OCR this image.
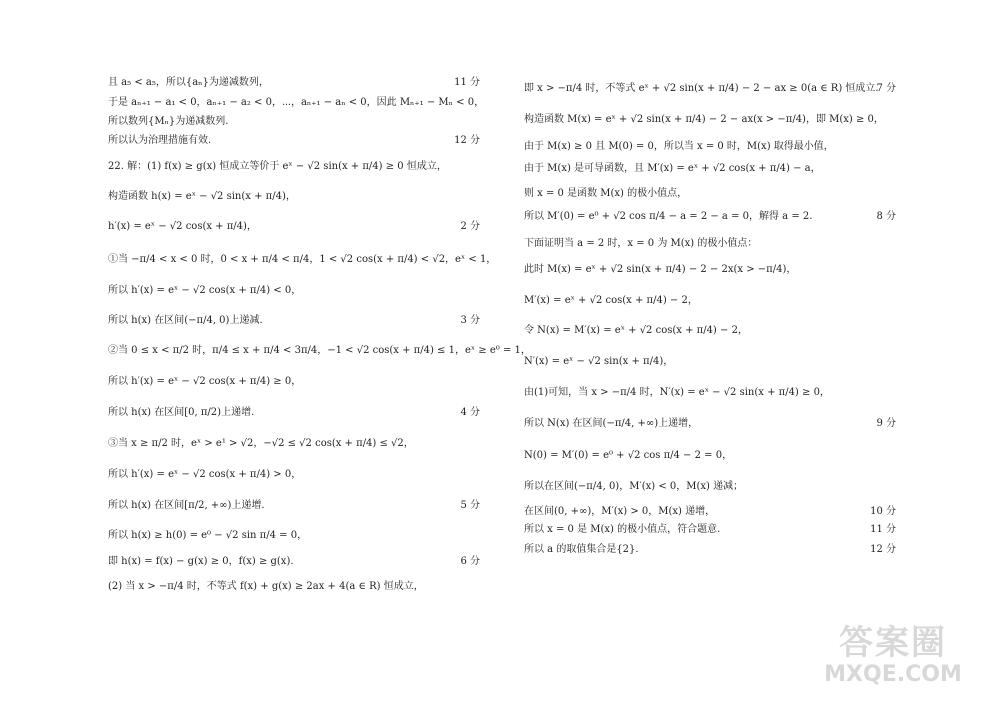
且 a₅ < a₅，所以{aₙ}为递减数列，	11 分
于是 aₙ₊₁ − a₁ < 0，aₙ₊₁ − a₂ < 0，⋯，aₙ₊₁ − aₙ < 0，因此 Mₙ₊₁ − Mₙ < 0，
所以数列{Mₙ}为递减数列.
所以认为治理措施有效.	12 分
22. 解：(1) f(x) ≥ g(x) 恒成立等价于 eˣ − √2 sin(x + π/4) ≥ 0 恒成立，
构造函数 h(x) = eˣ − √2 sin(x + π/4)，
h′(x) = eˣ − √2 cos(x + π/4)，	2 分
①当 −π/4 < x < 0 时，0 < x + π/4 < π/4，1 < √2 cos(x + π/4) < √2，eˣ < 1，
所以 h′(x) = eˣ − √2 cos(x + π/4) < 0，
所以 h(x) 在区间(−π/4, 0)上递减.	3 分
②当 0 ≤ x < π/2 时，π/4 ≤ x + π/4 < 3π/4，−1 < √2 cos(x + π/4) ≤ 1，eˣ ≥ e⁰ = 1，
所以 h′(x) = eˣ − √2 cos(x + π/4) ≥ 0，
所以 h(x) 在区间[0, π/2)上递增.	4 分
③当 x ≥ π/2 时，eˣ > e¹ > √2，−√2 ≤ √2 cos(x + π/4) ≤ √2，
所以 h′(x) = eˣ − √2 cos(x + π/4) > 0，
所以 h(x) 在区间[π/2, +∞)上递增.	5 分
所以 h(x) ≥ h(0) = e⁰ − √2 sin π/4 = 0，
即 h(x) = f(x) − g(x) ≥ 0，f(x) ≥ g(x).	6 分
(2) 当 x > −π/4 时，不等式 f(x) + g(x) ≥ 2ax + 4(a ∈ R) 恒成立，
即 x > −π/4 时，不等式 eˣ + √2 sin(x + π/4) − 2 − ax ≥ 0(a ∈ R) 恒成立.
7 分
构造函数 M(x) = eˣ + √2 sin(x + π/4) − 2 − ax(x > −π/4)，即 M(x) ≥ 0，
由于 M(x) ≥ 0 且 M(0) = 0，所以当 x = 0 时，M(x) 取得最小值，
由于 M(x) 是可导函数，且 M′(x) = eˣ + √2 cos(x + π/4) − a，
则 x = 0 是函数 M(x) 的极小值点，
所以 M′(0) = e⁰ + √2 cos π/4 − a = 2 − a = 0，解得 a = 2.	8 分
下面证明当 a = 2 时，x = 0 为 M(x) 的极小值点：
此时 M(x) = eˣ + √2 sin(x + π/4) − 2 − 2x(x > −π/4)，
M′(x) = eˣ + √2 cos(x + π/4) − 2，
令 N(x) = M′(x) = eˣ + √2 cos(x + π/4) − 2，
N′(x) = eˣ − √2 sin(x + π/4)，
由(1)可知，当 x > −π/4 时，N′(x) = eˣ − √2 sin(x + π/4) ≥ 0，
所以 N(x) 在区间(−π/4, +∞)上递增，	9 分
N(0) = M′(0) = e⁰ + √2 cos π/4 − 2 = 0，
所以在区间(−π/4, 0)，M′(x) < 0，M(x) 递减；
在区间(0, +∞)，M′(x) > 0，M(x) 递增，	10 分
所以 x = 0 是 M(x) 的极小值点，符合题意.	11 分
所以 a 的取值集合是{2}.	12 分
答案圈
MXQE.COM
